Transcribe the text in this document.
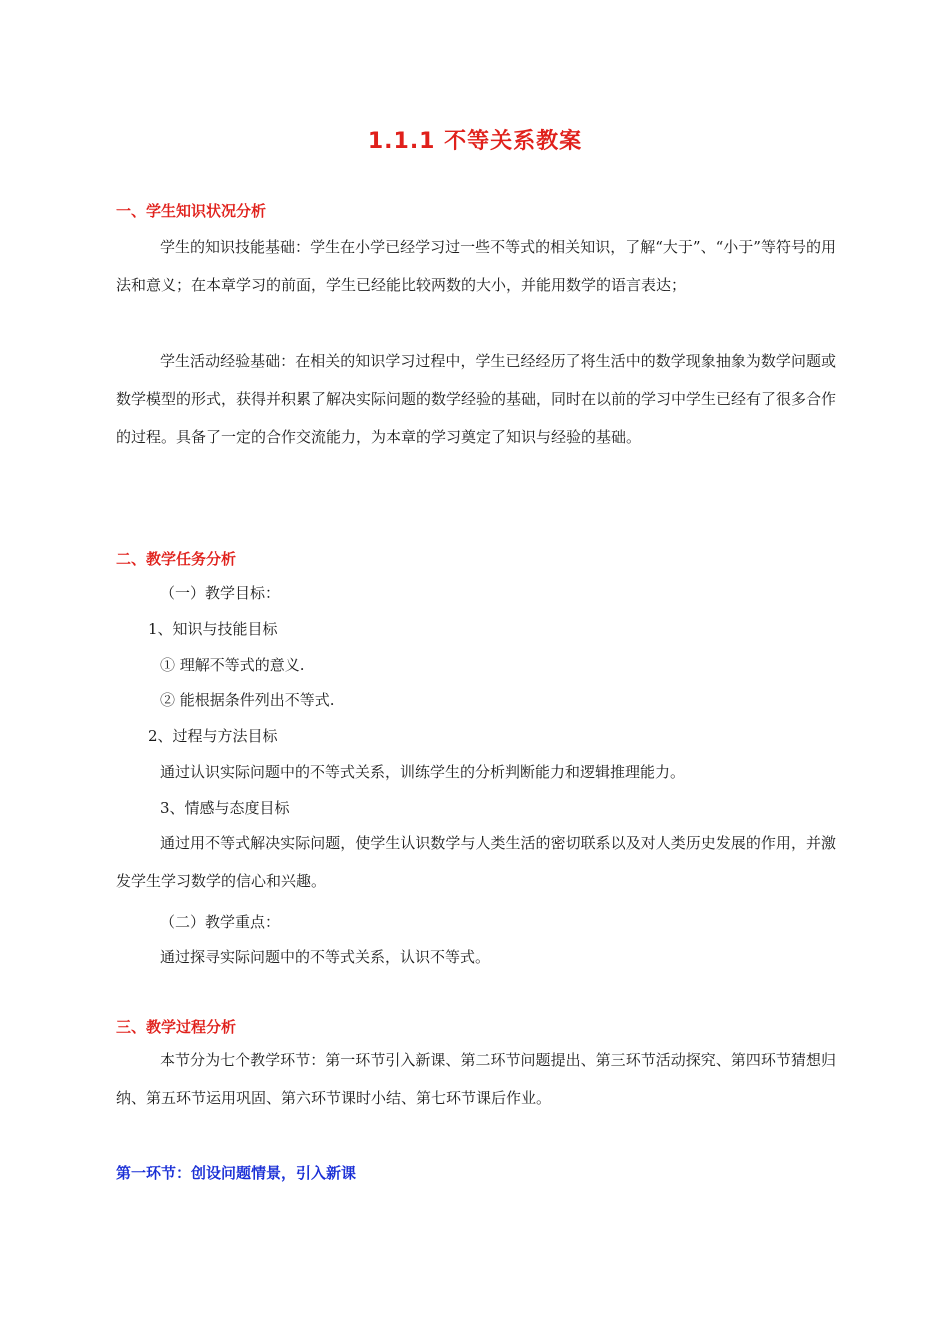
1.1.1 不等关系教案
一、学生知识状况分析

学生的知识技能基础：学生在小学已经学习过一些不等式的相关知识，了解“大于”、“小于”等符号的用法和意义；在本章学习的前面，学生已经能比较两数的大小，并能用数学的语言表达；

学生活动经验基础：在相关的知识学习过程中，学生已经经历了将生活中的数学现象抽象为数学问题或数学模型的形式，获得并积累了解决实际问题的数学经验的基础，同时在以前的学习中学生已经有了很多合作的过程。具备了一定的合作交流能力，为本章的学习奠定了知识与经验的基础。

二、教学任务分析
（一）教学目标：
1、知识与技能目标
① 理解不等式的意义.
② 能根据条件列出不等式.
2、过程与方法目标
通过认识实际问题中的不等式关系，训练学生的分析判断能力和逻辑推理能力。
3、情感与态度目标

通过用不等式解决实际问题，使学生认识数学与人类生活的密切联系以及对人类历史发展的作用，并激发学生学习数学的信心和兴趣。

（二）教学重点：
通过探寻实际问题中的不等式关系，认识不等式。
三、教学过程分析

本节分为七个教学环节：第一环节引入新课、第二环节问题提出、第三环节活动探究、第四环节猜想归纳、第五环节运用巩固、第六环节课时小结、第七环节课后作业。

第一环节：创设问题情景，引入新课
